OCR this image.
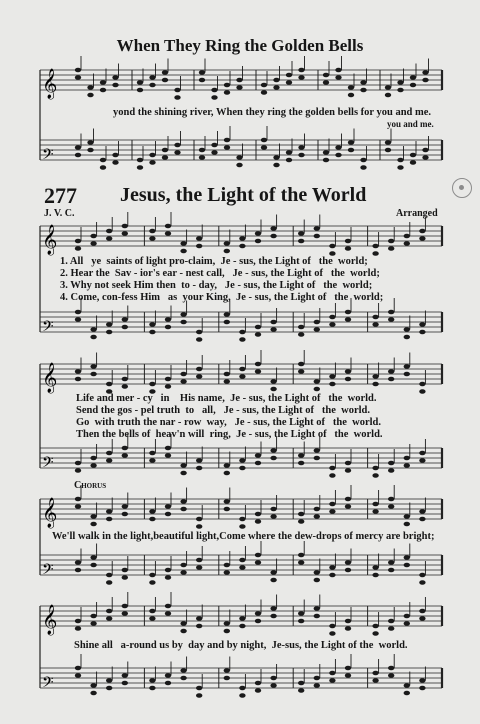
When They Ring the Golden Bells
𝄞
𝄢
𝄞
𝄢
𝄞
𝄢
𝄞
𝄢
𝄞
𝄢
yond the shining river, When they ring the golden bells for you and me.
you and me.
277 Jesus, the Light of the World
J. V. C.	Arranged
1. All   ye  saints of light pro-claim,  Je - sus, the Light of   the  world;
2. Hear the  Sav - ior's ear - nest call,   Je - sus, the Light of   the  world;
3. Why not seek Him then  to - day,   Je - sus, the Light of   the  world;
4. Come, con-fess Him   as  your King,  Je - sus, the Light of   the  world;
Life and mer - cy   in    His name,  Je - sus, the Light of   the  world.
Send the gos - pel truth  to   all,   Je - sus, the Light of   the  world.
Go  with truth the nar - row  way,   Je - sus, the Light of   the  world.
Then the bells of  heav'n will  ring,  Je - sus, the Light of   the  world.
Chorus
We'll walk in the light,beautiful light,Come where the dew-drops of mercy are bright;
Shine all   a-round us by  day and by night,  Je-sus, the Light of the  world.
